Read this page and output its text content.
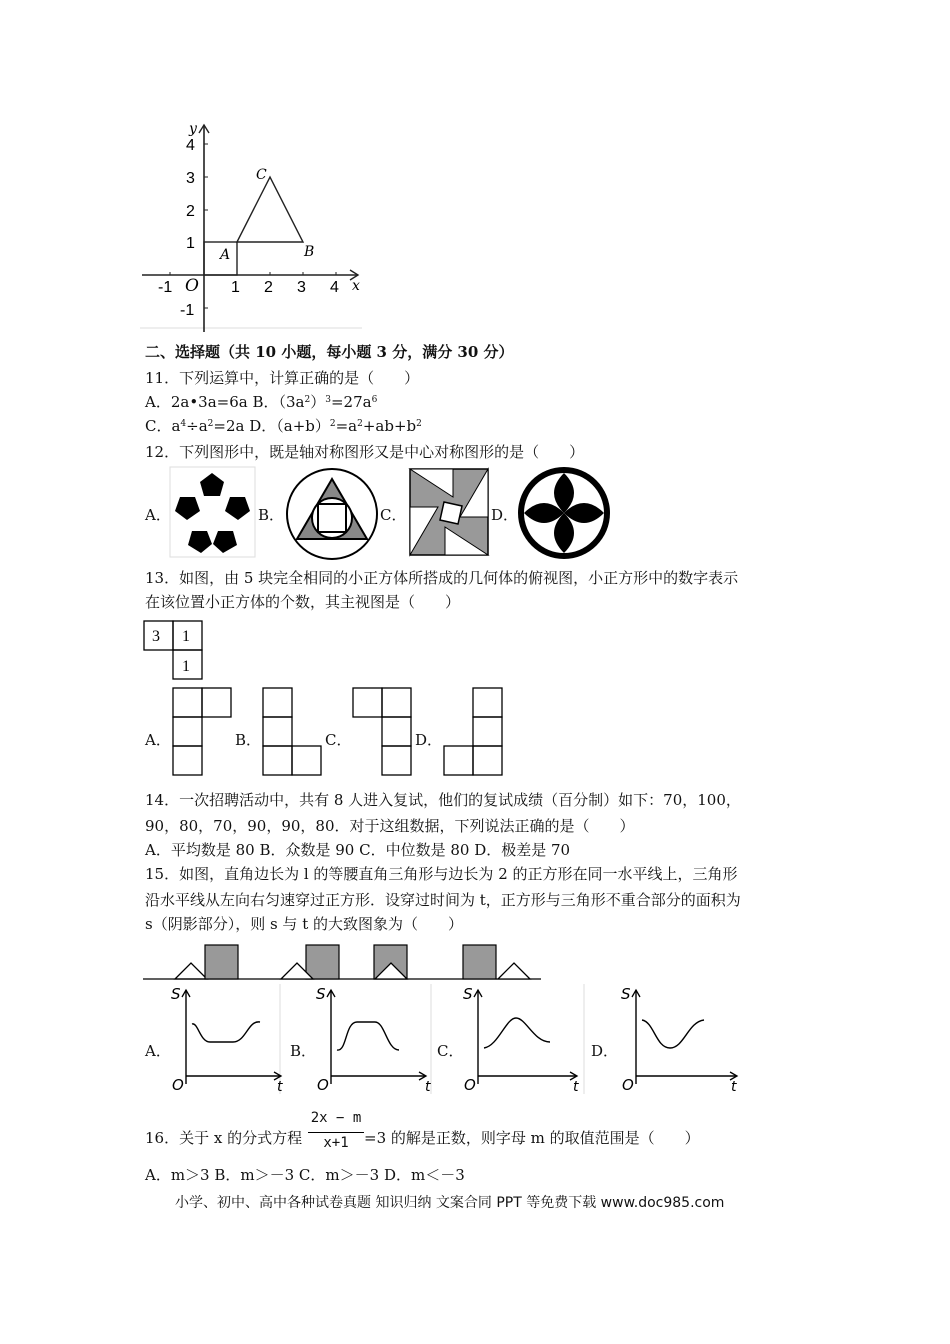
y
x
O
-1	1 2 3 4
4
3
2
1
-1
A	B
C
二、选择题（共 10 小题，每小题 3 分，满分 30 分）
11．下列运算中，计算正确的是（　　）
A．2a•3a=6a B．$(3a^2)^3=27a^6$
C．$a^4\div a^2=2a$ D．$(a+b)^2=a^2+ab+b^2$
12．下列图形中，既是轴对称图形又是中心对称图形的是（　　）
A．	B．	C．	D．
13．如图，由 5 块完全相同的小正方体所搭成的几何体的俯视图，小正方形中的数字表示
在该位置小正方体的个数，其主视图是（　　）
3 1
1
A．	B．	C．	D．
14．一次招聘活动中，共有 8 人进入复试，他们的复试成绩（百分制）如下：70，100，
90，80，70，90，90，80．对于这组数据，下列说法正确的是（　　）
A．平均数是 80 B．众数是 90 C．中位数是 80 D．极差是 70
15．如图，直角边长为 l 的等腰直角三角形与边长为 2 的正方形在同一水平线上，三角形
沿水平线从左向右匀速穿过正方形．设穿过时间为 t，正方形与三角形不重合部分的面积为
s（阴影部分），则 s 与 t 的大致图象为（　　）
A．
S
t
O
B．
S
t
O
C．
S
t
O
D．
S
t
O
16．关于 x 的分式方程
2x − m
x+1	=3 的解是正数，则字母 m 的取值范围是（　　）
A．m＞3 B．m＞－3 C．m＞－3 D．m＜－3
小学、初中、高中各种试卷真题 知识归纳 文案合同 PPT 等免费下载 www.doc985.com
